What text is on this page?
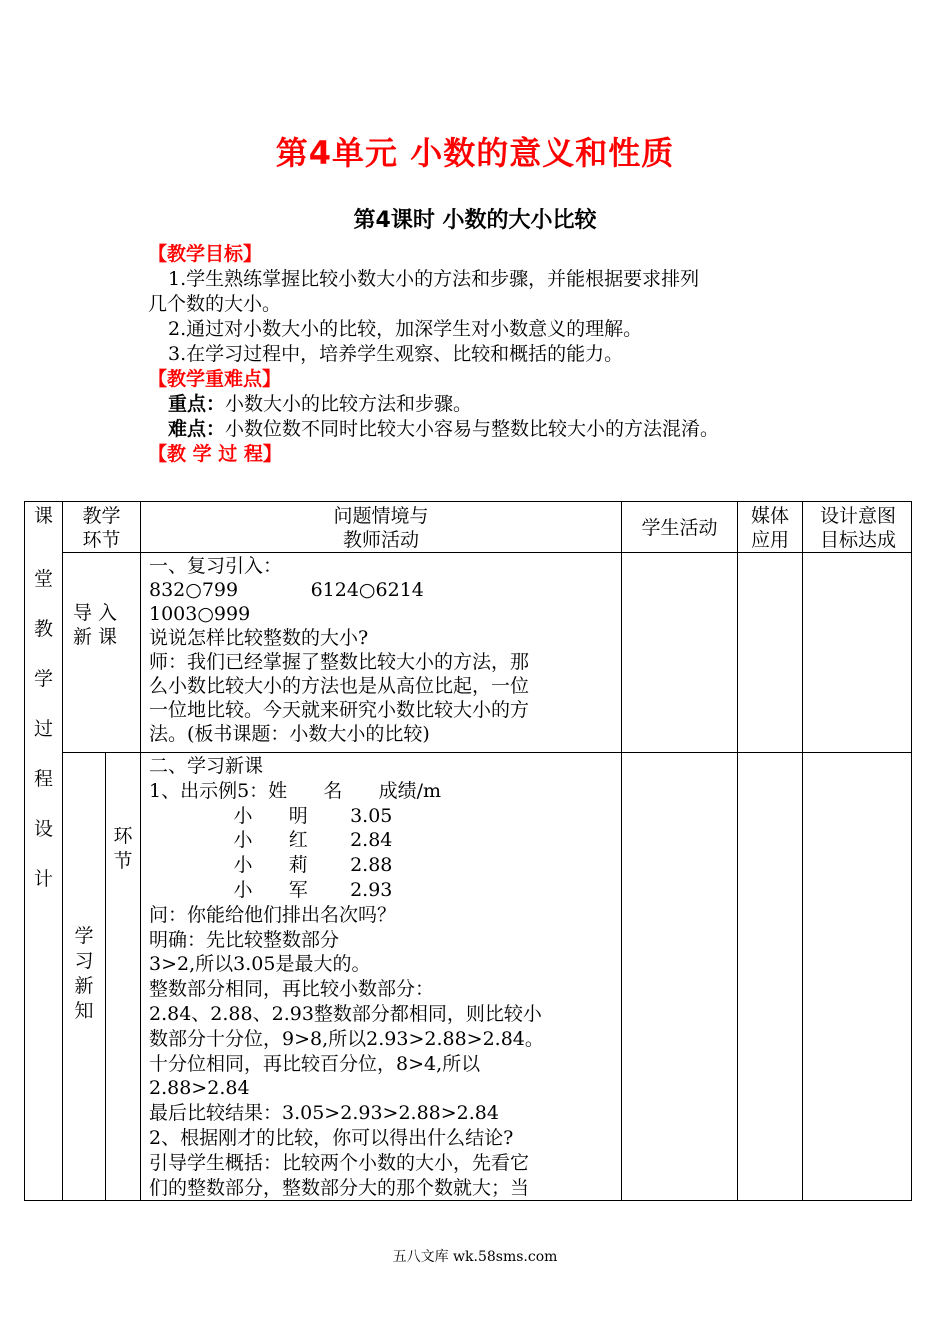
第4单元 小数的意义和性质
第4课时 小数的大小比较
【教学目标】
1.学生熟练掌握比较小数大小的方法和步骤，并能根据要求排列
几个数的大小。
2.通过对小数大小的比较，加深学生对小数意义的理解。
3.在学习过程中，培养学生观察、比较和概括的能力。
【教学重难点】
重点：小数大小的比较方法和步骤。
难点：小数位数不同时比较大小容易与整数比较大小的方法混淆。
【教 学 过 程】
课	教学
环节
问题情境与
教师活动
学生活动
媒体
应用
设计意图
目标达成
堂
教
学
过
程
设
计
导 入
新 课
一、复习引入：
832○799            6124○6214
1003○999
说说怎样比较整数的大小?
师：我们已经掌握了整数比较大小的方法，那
么小数比较大小的方法也是从高位比起，一位
一位地比较。今天就来研究小数比较大小的方
法。(板书课题：小数大小的比较)
学
习
新
知
环
节
二、学习新课
1、出示例5：姓      名      成绩/m
小      明       3.05
小      红       2.84
小      莉       2.88
小      军       2.93
问：你能给他们排出名次吗？
明确：先比较整数部分
3>2,所以3.05是最大的。
整数部分相同，再比较小数部分：
2.84、2.88、2.93整数部分都相同，则比较小
数部分十分位，9>8,所以2.93>2.88>2.84。
十分位相同，再比较百分位，8>4,所以
2.88>2.84
最后比较结果：3.05>2.93>2.88>2.84
2、根据刚才的比较，你可以得出什么结论?
引导学生概括：比较两个小数的大小，先看它
们的整数部分，整数部分大的那个数就大；当
五八文库 wk.58sms.com
